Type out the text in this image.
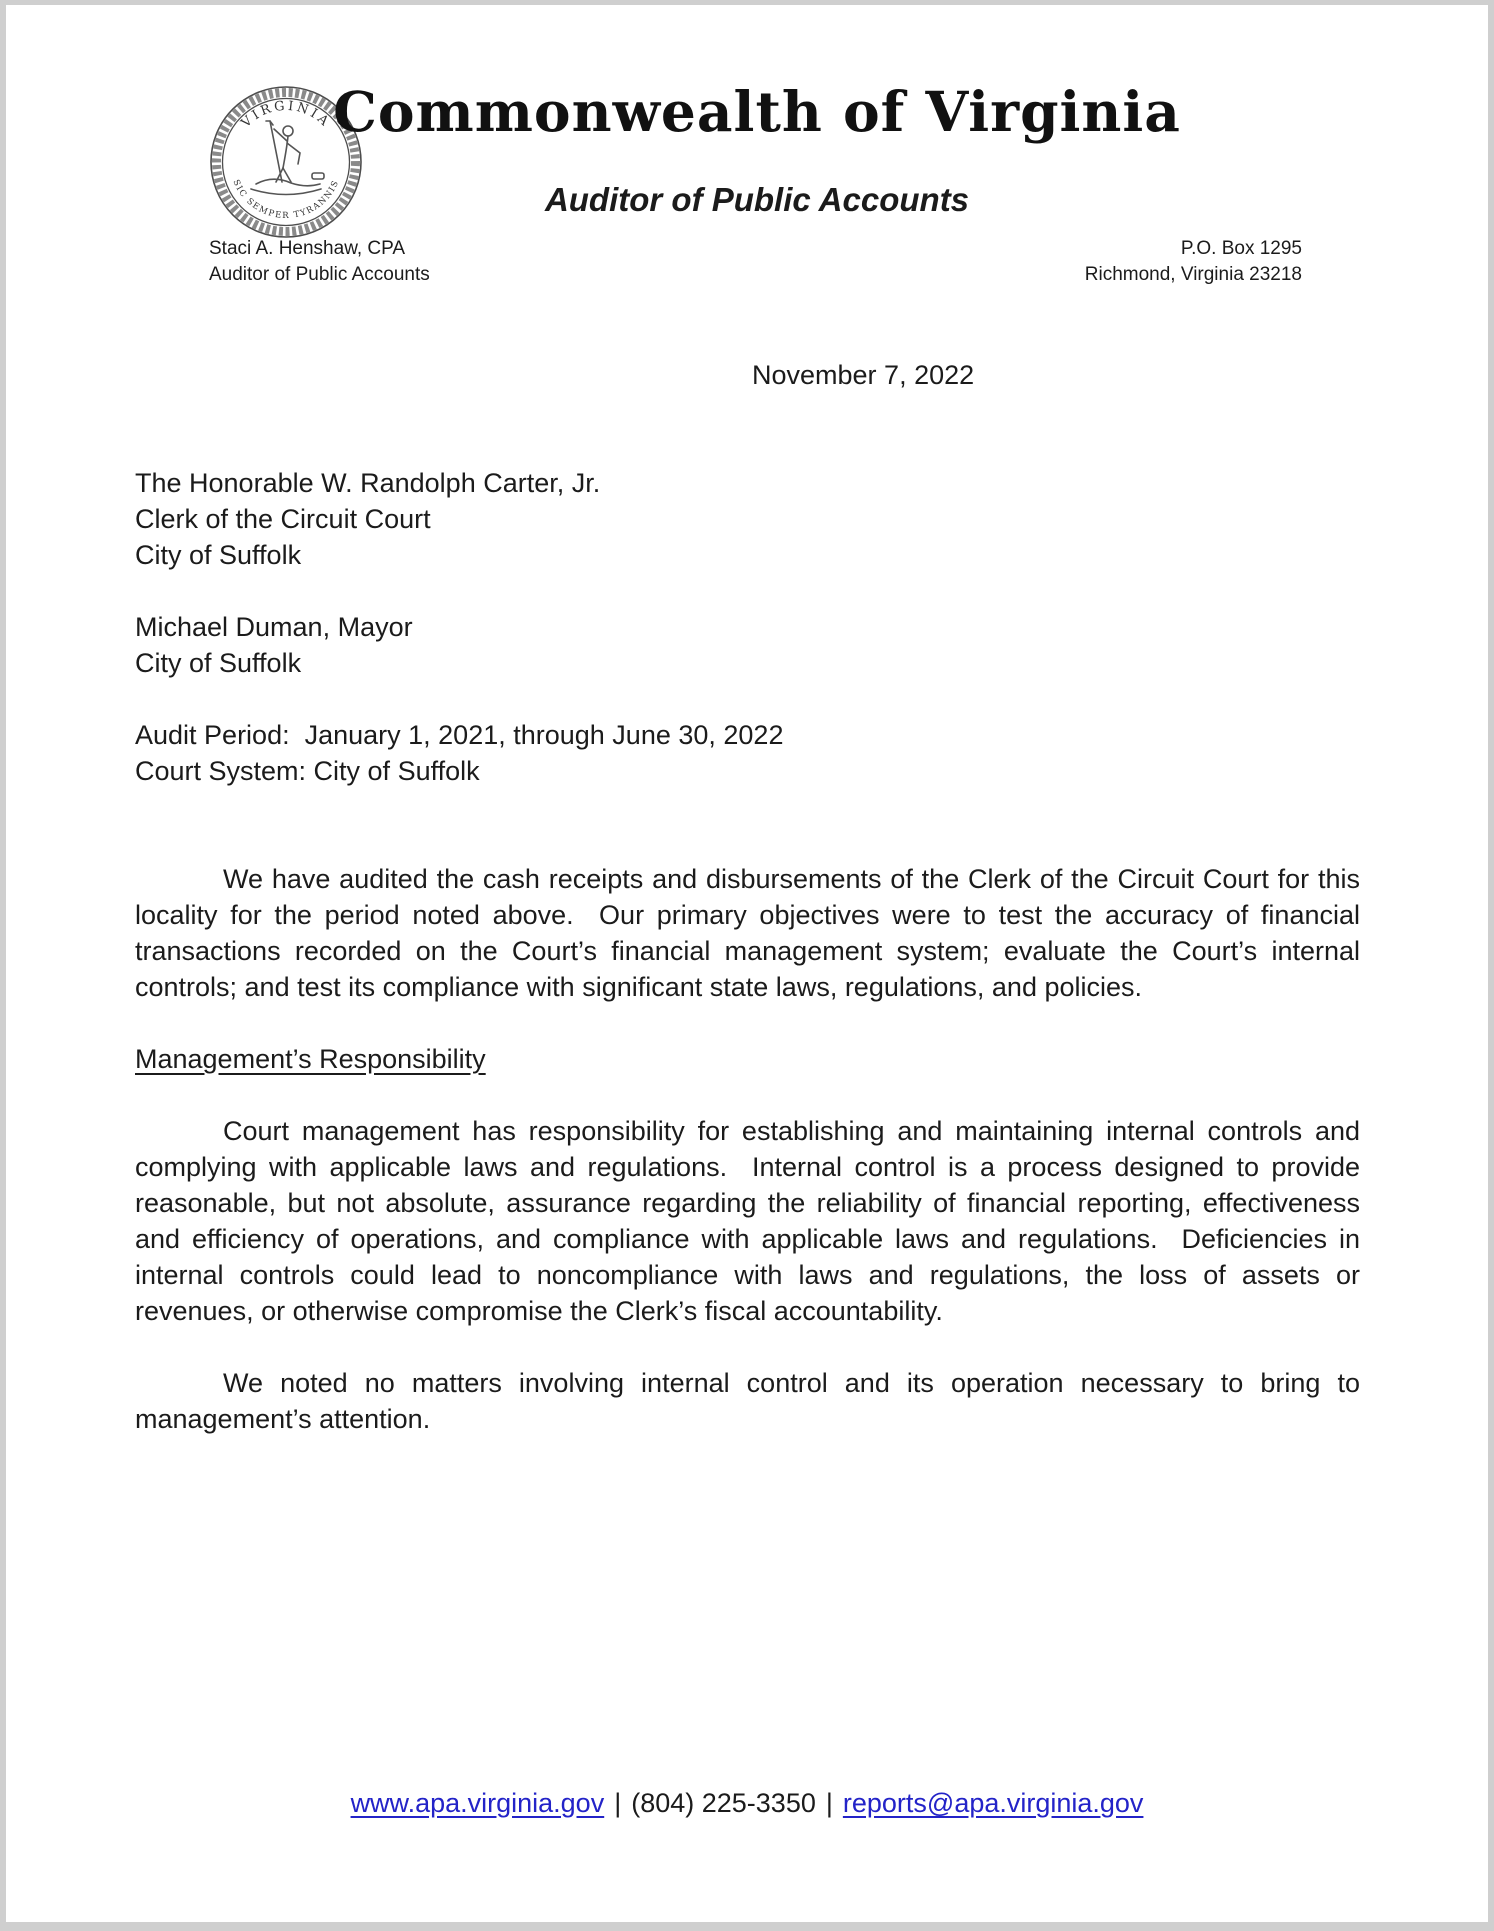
VIRGINIA
SIC SEMPER TYRANNIS
Commonwealth of Virginia
Auditor of Public Accounts
Staci A. Henshaw, CPA
Auditor of Public Accounts
P.O. Box 1295
Richmond, Virginia 23218
November 7, 2022
The Honorable W. Randolph Carter, Jr.
Clerk of the Circuit Court
City of Suffolk
Michael Duman, Mayor
City of Suffolk
Audit Period:  January 1, 2021, through June 30, 2022
Court System: City of Suffolk

We have audited the cash receipts and disbursements of the Clerk of the Circuit Court for this locality for the period noted above.  Our primary objectives were to test the accuracy of financial transactions recorded on the Court’s financial management system; evaluate the Court’s internal controls; and test its compliance with significant state laws, regulations, and policies.

Management’s Responsibility

Court management has responsibility for establishing and maintaining internal controls and complying with applicable laws and regulations.  Internal control is a process designed to provide reasonable, but not absolute, assurance regarding the reliability of financial reporting, effectiveness and efficiency of operations, and compliance with applicable laws and regulations.  Deficiencies in internal controls could lead to noncompliance with laws and regulations, the loss of assets or revenues, or otherwise compromise the Clerk’s fiscal accountability.

We noted no matters involving internal control and its operation necessary to bring to management’s attention.

www.apa.virginia.gov | (804) 225-3350 | reports@apa.virginia.gov
